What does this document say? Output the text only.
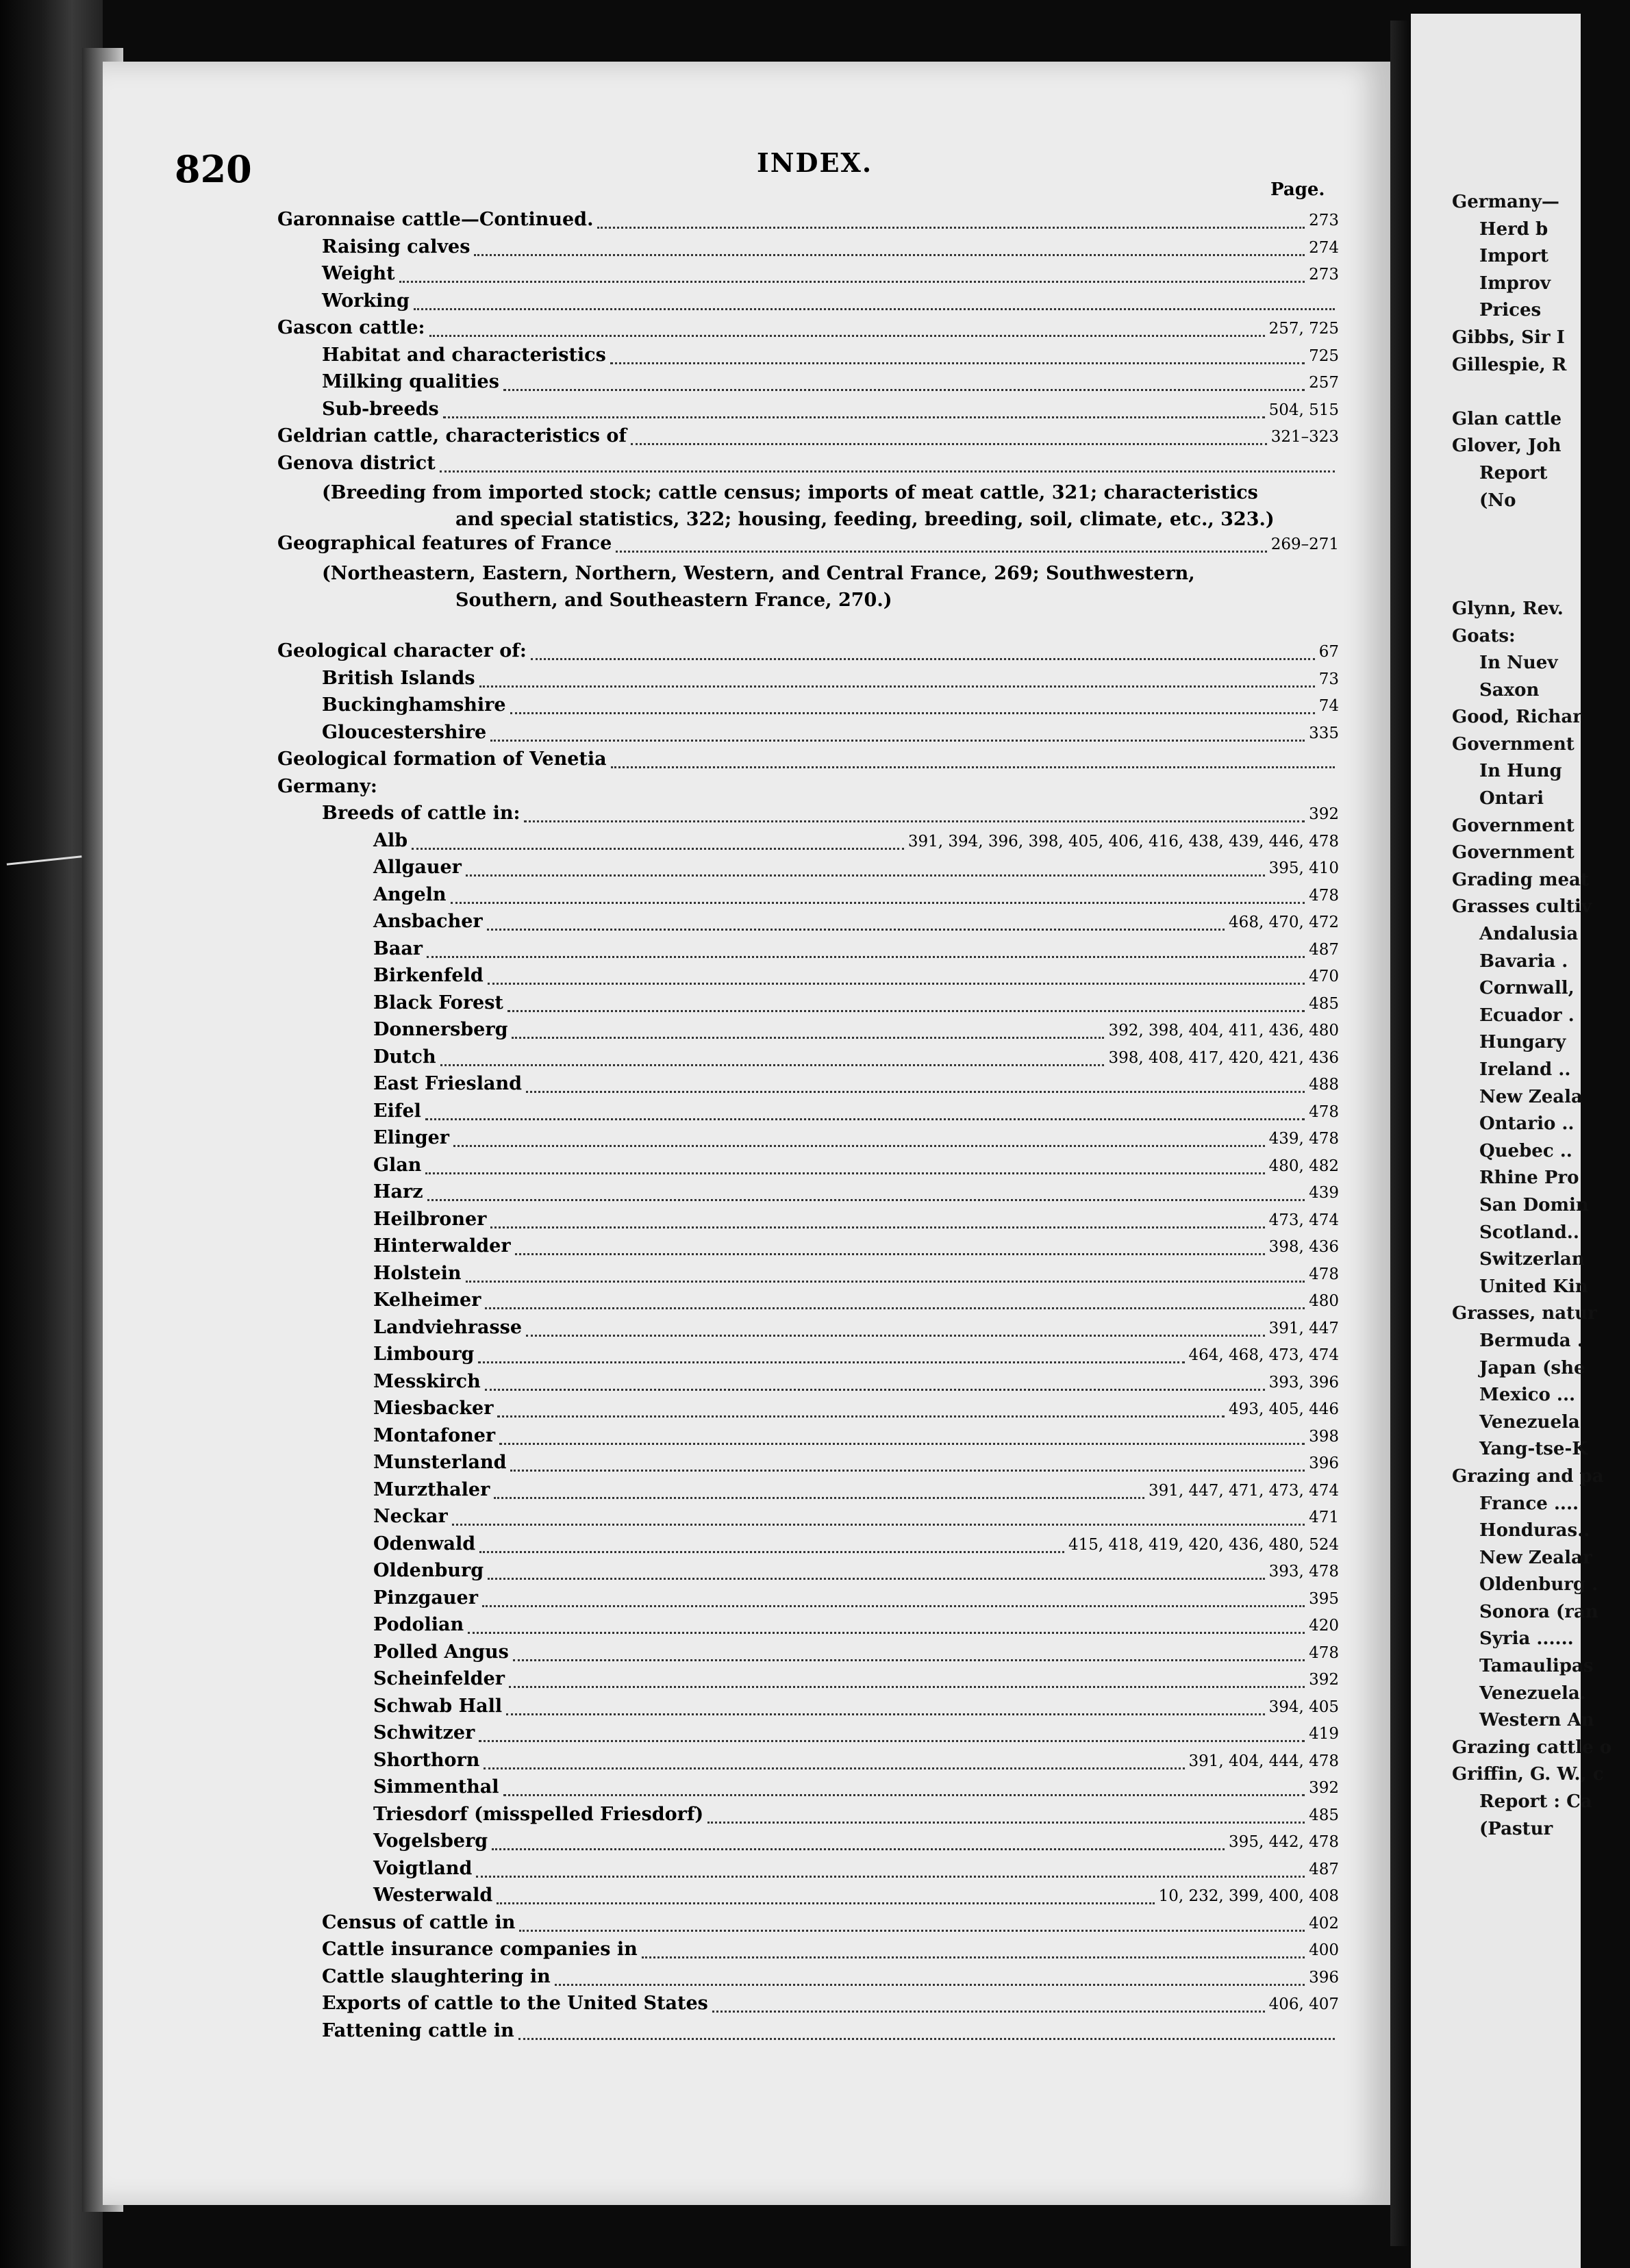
820	INDEX.
Page.
Garonnaise cattle—Continued.	273
Raising calves	274
Weight	273
Working
Gascon cattle:	257, 725
Habitat and characteristics	725
Milking qualities	257
Sub-breeds	504, 515
Geldrian cattle, characteristics of	321–323
Genova district
(Breeding from imported stock; cattle census; imports of meat cattle, 321; characteristics
and special statistics, 322; housing, feeding, breeding, soil, climate, etc., 323.)
Geographical features of France	269–271
(Northeastern, Eastern, Northern, Western, and Central France, 269; Southwestern,
Southern, and Southeastern France, 270.)
Geological character of:	67
British Islands	73
Buckinghamshire	74
Gloucestershire	335
Geological formation of Venetia
Germany:
Breeds of cattle in:	392
Alb	391, 394, 396, 398, 405, 406, 416, 438, 439, 446, 478
Allgauer	395, 410
Angeln	478
Ansbacher	468, 470, 472
Baar	487
Birkenfeld	470
Black Forest	485
Donnersberg	392, 398, 404, 411, 436, 480
Dutch	398, 408, 417, 420, 421, 436
East Friesland	488
Eifel	478
Elinger	439, 478
Glan	480, 482
Harz	439
Heilbroner	473, 474
Hinterwalder	398, 436
Holstein	478
Kelheimer	480
Landviehrasse	391, 447
Limbourg	464, 468, 473, 474
Messkirch	393, 396
Miesbacker	493, 405, 446
Montafoner	398
Munsterland	396
Murzthaler	391, 447, 471, 473, 474
Neckar	471
Odenwald	415, 418, 419, 420, 436, 480, 524
Oldenburg	393, 478
Pinzgauer	395
Podolian	420
Polled Angus	478
Scheinfelder	392
Schwab Hall	394, 405
Schwitzer	419
Shorthorn	391, 404, 444, 478
Simmenthal	392
Triesdorf (misspelled Friesdorf)	485
Vogelsberg	395, 442, 478
Voigtland	487
Westerwald	10, 232, 399, 400, 408
Census of cattle in	402
Cattle insurance companies in	400
Cattle slaughtering in	396
Exports of cattle to the United States	406, 407
Fattening cattle in
Germany—
Herd b
Import
Improv
Prices
Gibbs, Sir I
Gillespie, R
Glan cattle
Glover, Joh
Report
(No
Glynn, Rev.
Goats:
In Nuev
Saxon
Good, Richar
Government
In Hung
Ontari
Government
Government
Grading meat
Grasses cultiv
Andalusia
Bavaria .
Cornwall,
Ecuador .
Hungary
Ireland ..
New Zeala
Ontario ..
Quebec ..
Rhine Pro
San Domin
Scotland..
Switzerlan
United Kin
Grasses, natur
Bermuda .
Japan (she
Mexico ...
Venezuela
Yang-tse-K
Grazing and pa
France ....
Honduras..
New Zealar
Oldenburg .
Sonora (ran
Syria ......
Tamaulipas
Venezuela.
Western An
Grazing cattle o
Griffin, G. W., c
Report : Ca
(Pastur
